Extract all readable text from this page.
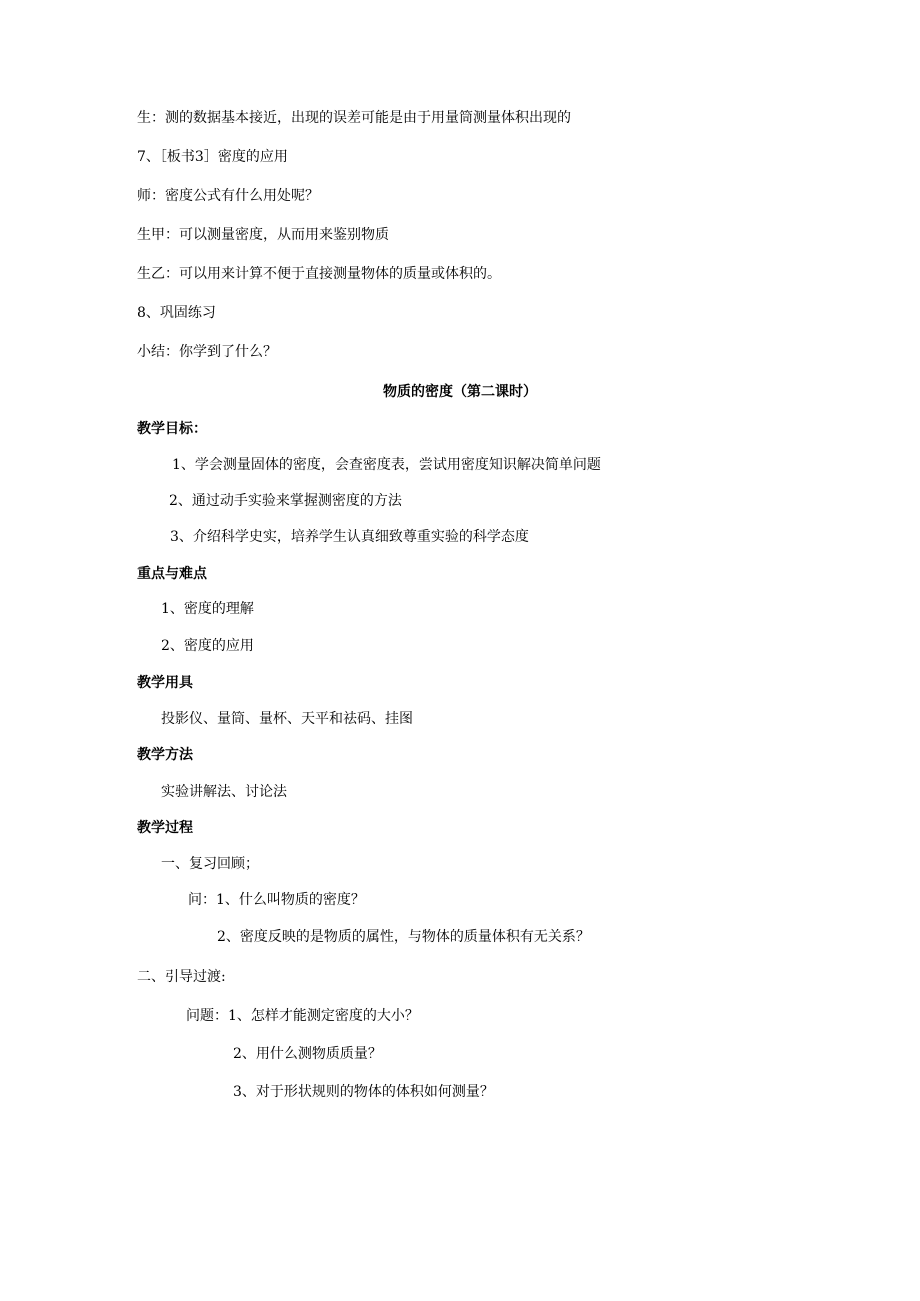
生：测的数据基本接近，出现的误差可能是由于用量筒测量体积出现的
7、［板书3］密度的应用
师：密度公式有什么用处呢？
生甲：可以测量密度，从而用来鉴别物质
生乙：可以用来计算不便于直接测量物体的质量或体积的。
8、巩固练习
小结：你学到了什么？
物质的密度（第二课时）
教学目标：
1、学会测量固体的密度，会查密度表，尝试用密度知识解决简单问题
2、通过动手实验来掌握测密度的方法
3、介绍科学史实，培养学生认真细致尊重实验的科学态度
重点与难点
1、密度的理解
2、密度的应用
教学用具
投影仪、量筒、量杯、天平和祛码、挂图
教学方法
实验讲解法、讨论法
教学过程
一、复习回顾；
问：1、什么叫物质的密度？
2、密度反映的是物质的属性，与物体的质量体积有无关系？
二、引导过渡:
问题：1、怎样才能测定密度的大小？
2、用什么测物质质量？
3、对于形状规则的物体的体积如何测量？
